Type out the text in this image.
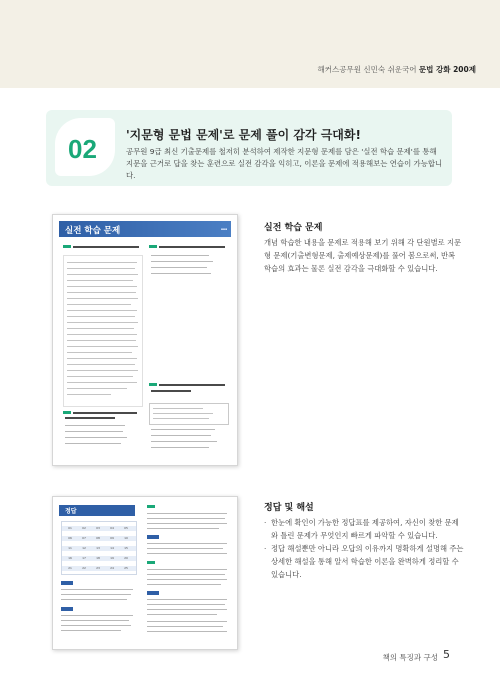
해커스공무원 신민숙 쉬운국어 문법 강화 200제
02 '지문형 문법 문제'로 문제 풀이 감각 극대화!
공무원 9급 최신 기출문제를 철저히 분석하여 제작한 지문형 문제를 담은 '실전 학습 문제'를 통해 지문을 근거로 답을 찾는 훈련으로 실전 감각을 익히고, 이론을 문제에 적용해보는 연습이 가능합니다.
실전 학습 문제	▪▪▪
정답
01	02	03	04	05
06	07	08	09	10
11	12	13	14	15
16	17	18	19	20
21	22	23	24	25
실전 학습 문제
개념 학습한 내용을 문제로 적용해 보기 위해 각 단원별로 지문형 문제(기출변형문제, 출제예상문제)를 풀어 봄으로써, 반복 학습의 효과는 물론 실전 감각을 극대화할 수 있습니다.
정답 및 해설
· 한눈에 확인이 가능한 정답표를 제공하여, 자신이 찾한 문제와 틀린 문제가 무엇인지 빠르게 파악할 수 있습니다.
· 정답 해설뿐만 아니라 오답의 이유까지 명확하게 설명해 주는 상세한 해설을 통해 알서 학습한 이론을 완벽하게 정리할 수 있습니다.
책의 특징과 구성 5
